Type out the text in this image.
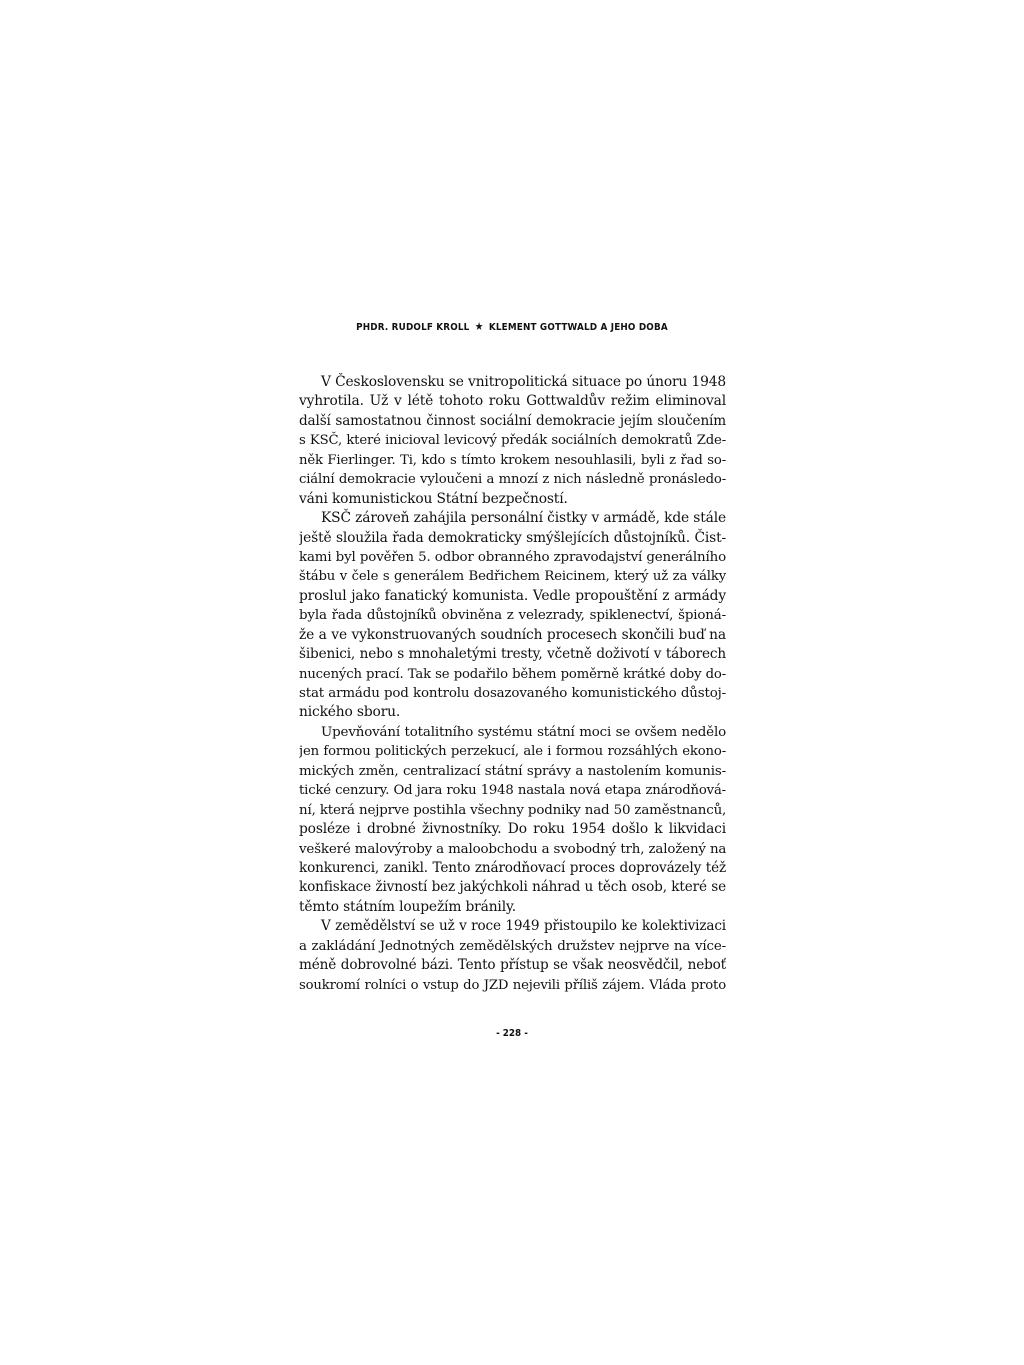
PHDR. RUDOLF KROLL ★ KLEMENT GOTTWALD A JEHO DOBA
V Československu se vnitropolitická situace po únoru 1948
vyhrotila. Už v létě tohoto roku Gottwaldův režim eliminoval
další samostatnou činnost sociální demokracie jejím sloučením
s KSČ, které inicioval levicový předák sociálních demokratů Zde-
něk Fierlinger. Ti, kdo s tímto krokem nesouhlasili, byli z řad so-
ciální demokracie vyloučeni a mnozí z nich následně pronásledo-
váni komunistickou Státní bezpečností.
KSČ zároveň zahájila personální čistky v armádě, kde stále
ještě sloužila řada demokraticky smýšlejících důstojníků. Čist-
kami byl pověřen 5. odbor obranného zpravodajství generálního
štábu v čele s generálem Bedřichem Reicinem, který už za války
proslul jako fanatický komunista. Vedle propouštění z armády
byla řada důstojníků obviněna z velezrady, spiklenectví, špioná-
že a ve vykonstruovaných soudních procesech skončili buď na
šibenici, nebo s mnohaletými tresty, včetně doživotí v táborech
nucených prací. Tak se podařilo během poměrně krátké doby do-
stat armádu pod kontrolu dosazovaného komunistického důstoj-
nického sboru.
Upevňování totalitního systému státní moci se ovšem nedělo
jen formou politických perzekucí, ale i formou rozsáhlých ekono-
mických změn, centralizací státní správy a nastolením komunis-
tické cenzury. Od jara roku 1948 nastala nová etapa znárodňová-
ní, která nejprve postihla všechny podniky nad 50 zaměstnanců,
posléze i drobné živnostníky. Do roku 1954 došlo k likvidaci
veškeré malovýroby a maloobchodu a svobodný trh, založený na
konkurenci, zanikl. Tento znárodňovací proces doprovázely též
konfiskace živností bez jakýchkoli náhrad u těch osob, které se
těmto státním loupežím bránily.
V zemědělství se už v roce 1949 přistoupilo ke kolektivizaci
a zakládání Jednotných zemědělských družstev nejprve na více-
méně dobrovolné bázi. Tento přístup se však neosvědčil, neboť
soukromí rolníci o vstup do JZD nejevili příliš zájem. Vláda proto
- 228 -
